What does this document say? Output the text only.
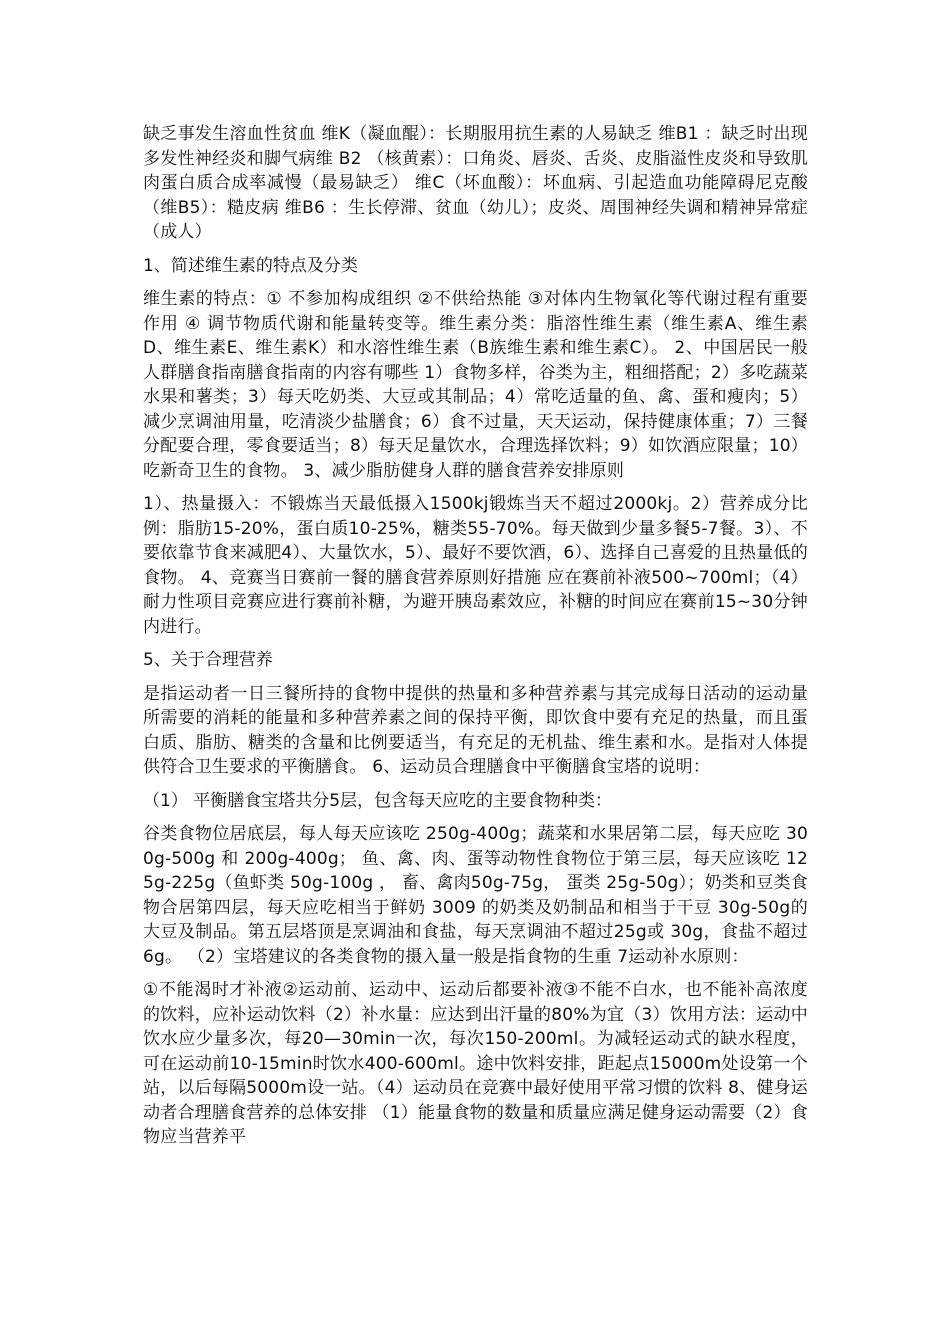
缺乏事发生溶血性贫血 维K（凝血醌）：长期服用抗生素的人易缺乏 维B1 ：缺乏时出现多发性神经炎和脚气病维 B2 （核黄素）：口角炎、唇炎、舌炎、皮脂溢性皮炎和导致肌肉蛋白质合成率减慢（最易缺乏） 维C（坏血酸）：坏血病、引起造血功能障碍尼克酸（维B5）：糙皮病 维B6 ：生长停滞、贫血（幼儿）；皮炎、周围神经失调和精神异常症（成人）

1、简述维生素的特点及分类

维生素的特点：① 不参加构成组织 ②不供给热能 ③对体内生物氧化等代谢过程有重要作用 ④ 调节物质代谢和能量转变等。维生素分类：脂溶性维生素（维生素A、维生素D、维生素E、维生素K）和水溶性维生素（B族维生素和维生素C）。 2、中国居民一般人群膳食指南膳食指南的内容有哪些 1）食物多样，谷类为主，粗细搭配；2）多吃蔬菜水果和薯类；3）每天吃奶类、大豆或其制品；4）常吃适量的鱼、禽、蛋和瘦肉；5）减少烹调油用量，吃清淡少盐膳食；6）食不过量，天天运动，保持健康体重；7）三餐分配要合理，零食要适当；8）每天足量饮水，合理选择饮料；9）如饮酒应限量；10）吃新奇卫生的食物。 3、减少脂肪健身人群的膳食营养安排原则

1）、热量摄入：不锻炼当天最低摄入1500kj锻炼当天不超过2000kj。2）营养成分比例：脂肪15-20%，蛋白质10-25%，糖类55-70%。每天做到少量多餐5-7餐。3）、不要依靠节食来减肥4）、大量饮水，5）、最好不要饮酒，6）、选择自己喜爱的且热量低的食物。 4、竞赛当日赛前一餐的膳食营养原则好措施 应在赛前补液500~700ml；（4）耐力性项目竞赛应进行赛前补糖，为避开胰岛素效应，补糖的时间应在赛前15~30分钟内进行。

5、关于合理营养

是指运动者一日三餐所持的食物中提供的热量和多种营养素与其完成每日活动的运动量所需要的消耗的能量和多种营养素之间的保持平衡，即饮食中要有充足的热量，而且蛋白质、脂肪、糖类的含量和比例要适当，有充足的无机盐、维生素和水。是指对人体提供符合卫生要求的平衡膳食。 6、运动员合理膳食中平衡膳食宝塔的说明：

（1） 平衡膳食宝塔共分5层，包含每天应吃的主要食物种类：

谷类食物位居底层，每人每天应该吃 250g-400g；蔬菜和水果居第二层，每天应吃 300g-500g 和 200g-400g； 鱼、禽、肉、蛋等动物性食物位于第三层，每天应该吃 125g-225g（鱼虾类 50g-100g ， 畜、禽肉50g-75g， 蛋类 25g-50g）；奶类和豆类食物合居第四层，每天应吃相当于鲜奶 3009 的奶类及奶制品和相当于干豆 30g-50g的大豆及制品。第五层塔顶是烹调油和食盐，每天烹调油不超过25g或 30g，食盐不超过6g。 （2）宝塔建议的各类食物的摄入量一般是指食物的生重 7运动补水原则：

①不能渴时才补液②运动前、运动中、运动后都要补液③不能不白水，也不能补高浓度的饮料，应补运动饮料（2）补水量：应达到出汗量的80%为宜（3）饮用方法：运动中饮水应少量多次，每20—30min一次，每次150-200ml。为减轻运动式的缺水程度，可在运动前10-15min时饮水400-600ml。途中饮料安排，距起点15000m处设第一个站，以后每隔5000m设一站。（4）运动员在竞赛中最好使用平常习惯的饮料 8、健身运动者合理膳食营养的总体安排 （1）能量食物的数量和质量应满足健身运动需要（2）食物应当营养平
